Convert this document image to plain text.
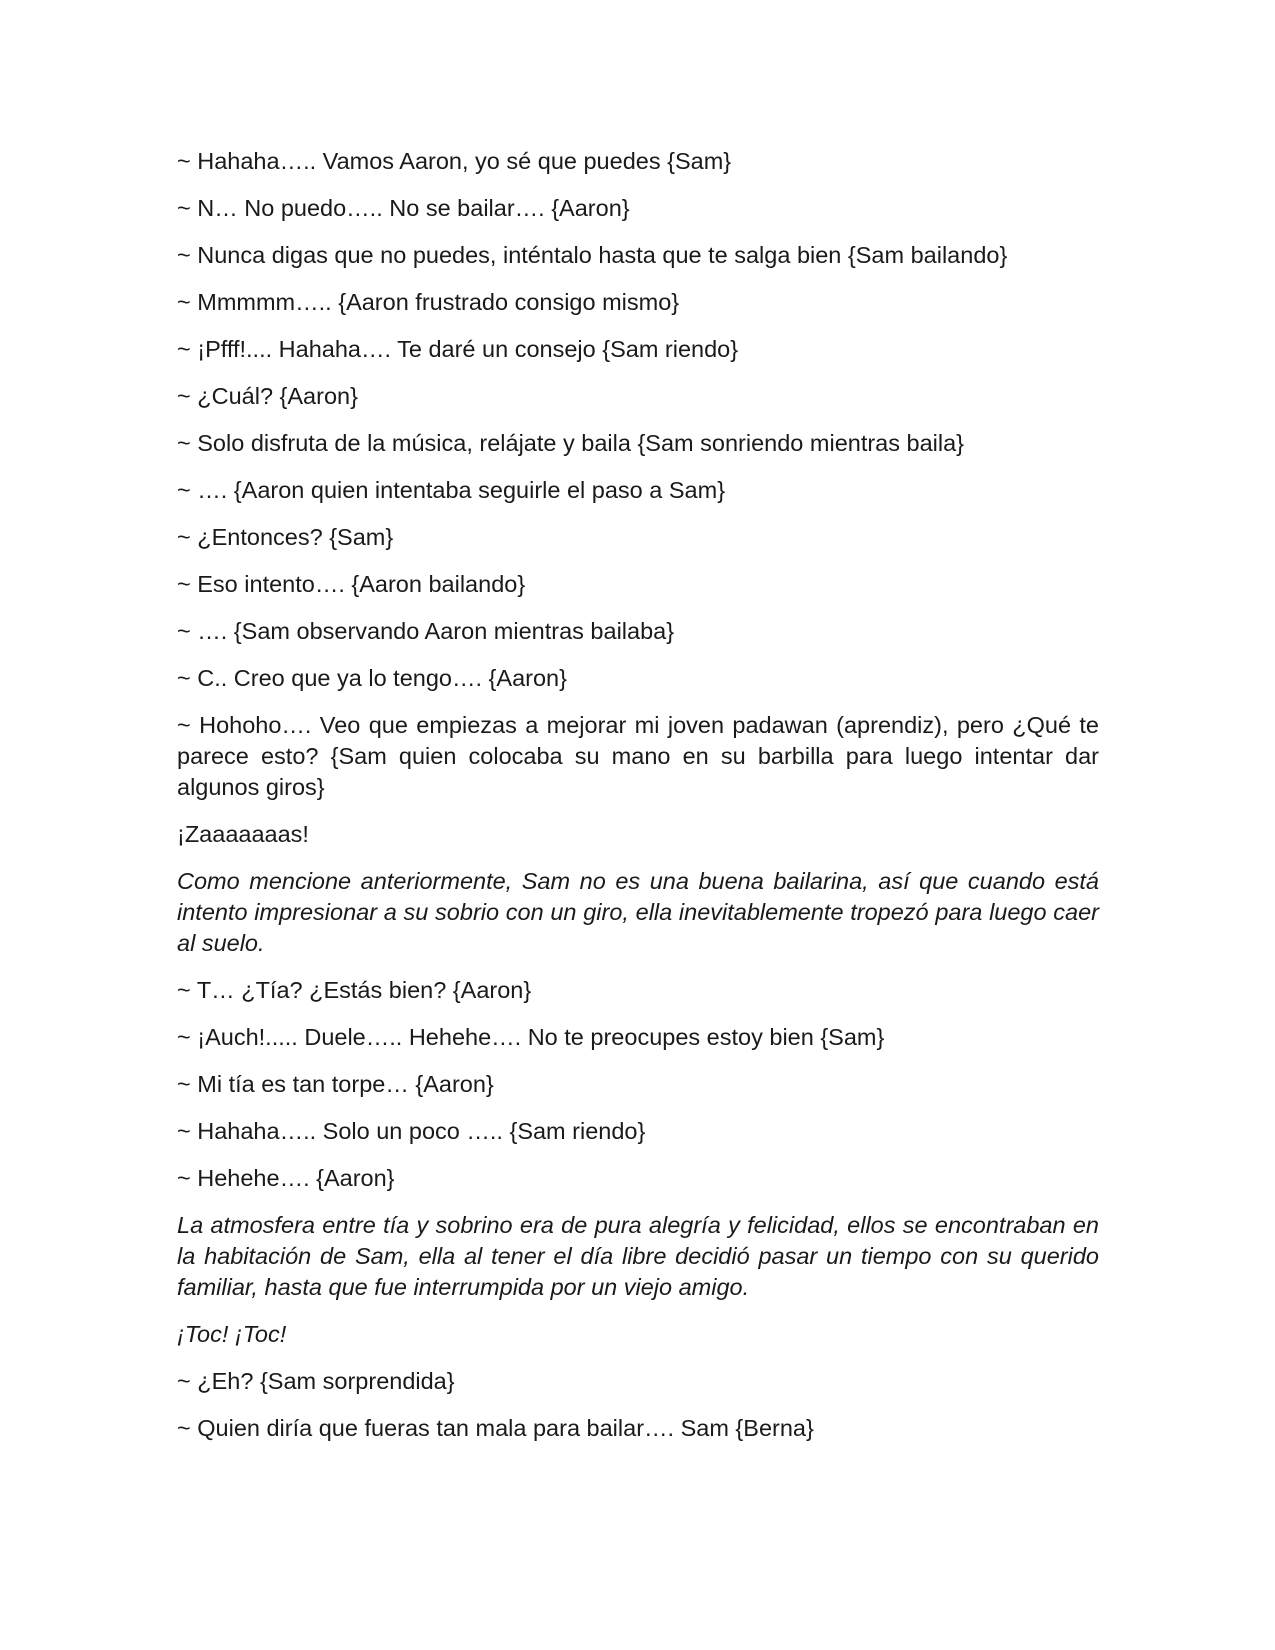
~ Hahaha….. Vamos Aaron, yo sé que puedes {Sam}

~ N… No puedo….. No se bailar…. {Aaron}

~ Nunca digas que no puedes, inténtalo hasta que te salga bien {Sam bailando}

~ Mmmmm….. {Aaron frustrado consigo mismo}

~ ¡Pfff!.... Hahaha…. Te daré un consejo {Sam riendo}

~ ¿Cuál? {Aaron}

~ Solo disfruta de la música, relájate y baila {Sam sonriendo mientras baila}

~ …. {Aaron quien intentaba seguirle el paso a Sam}

~ ¿Entonces? {Sam}

~ Eso intento…. {Aaron bailando}

~ …. {Sam observando Aaron mientras bailaba}

~ C.. Creo que ya lo tengo…. {Aaron}

~ Hohoho…. Veo que empiezas a mejorar mi joven padawan (aprendiz), pero ¿Qué te parece esto? {Sam quien colocaba su mano en su barbilla para luego intentar dar algunos giros}

¡Zaaaaaaas!

Como mencione anteriormente, Sam no es una buena bailarina, así que cuando está intento impresionar a su sobrio con un giro, ella inevitablemente tropezó para luego caer al suelo.

~ T… ¿Tía? ¿Estás bien? {Aaron}

~ ¡Auch!..... Duele….. Hehehe…. No te preocupes estoy bien {Sam}

~ Mi tía es tan torpe… {Aaron}

~ Hahaha….. Solo un poco ….. {Sam riendo}

~ Hehehe…. {Aaron}

La atmosfera entre tía y sobrino era de pura alegría y felicidad, ellos se encontraban en la habitación de Sam, ella al tener el día libre decidió pasar un tiempo con su querido familiar, hasta que fue interrumpida por un viejo amigo.

¡Toc! ¡Toc!

~ ¿Eh? {Sam sorprendida}

~ Quien diría que fueras tan mala para bailar…. Sam {Berna}
